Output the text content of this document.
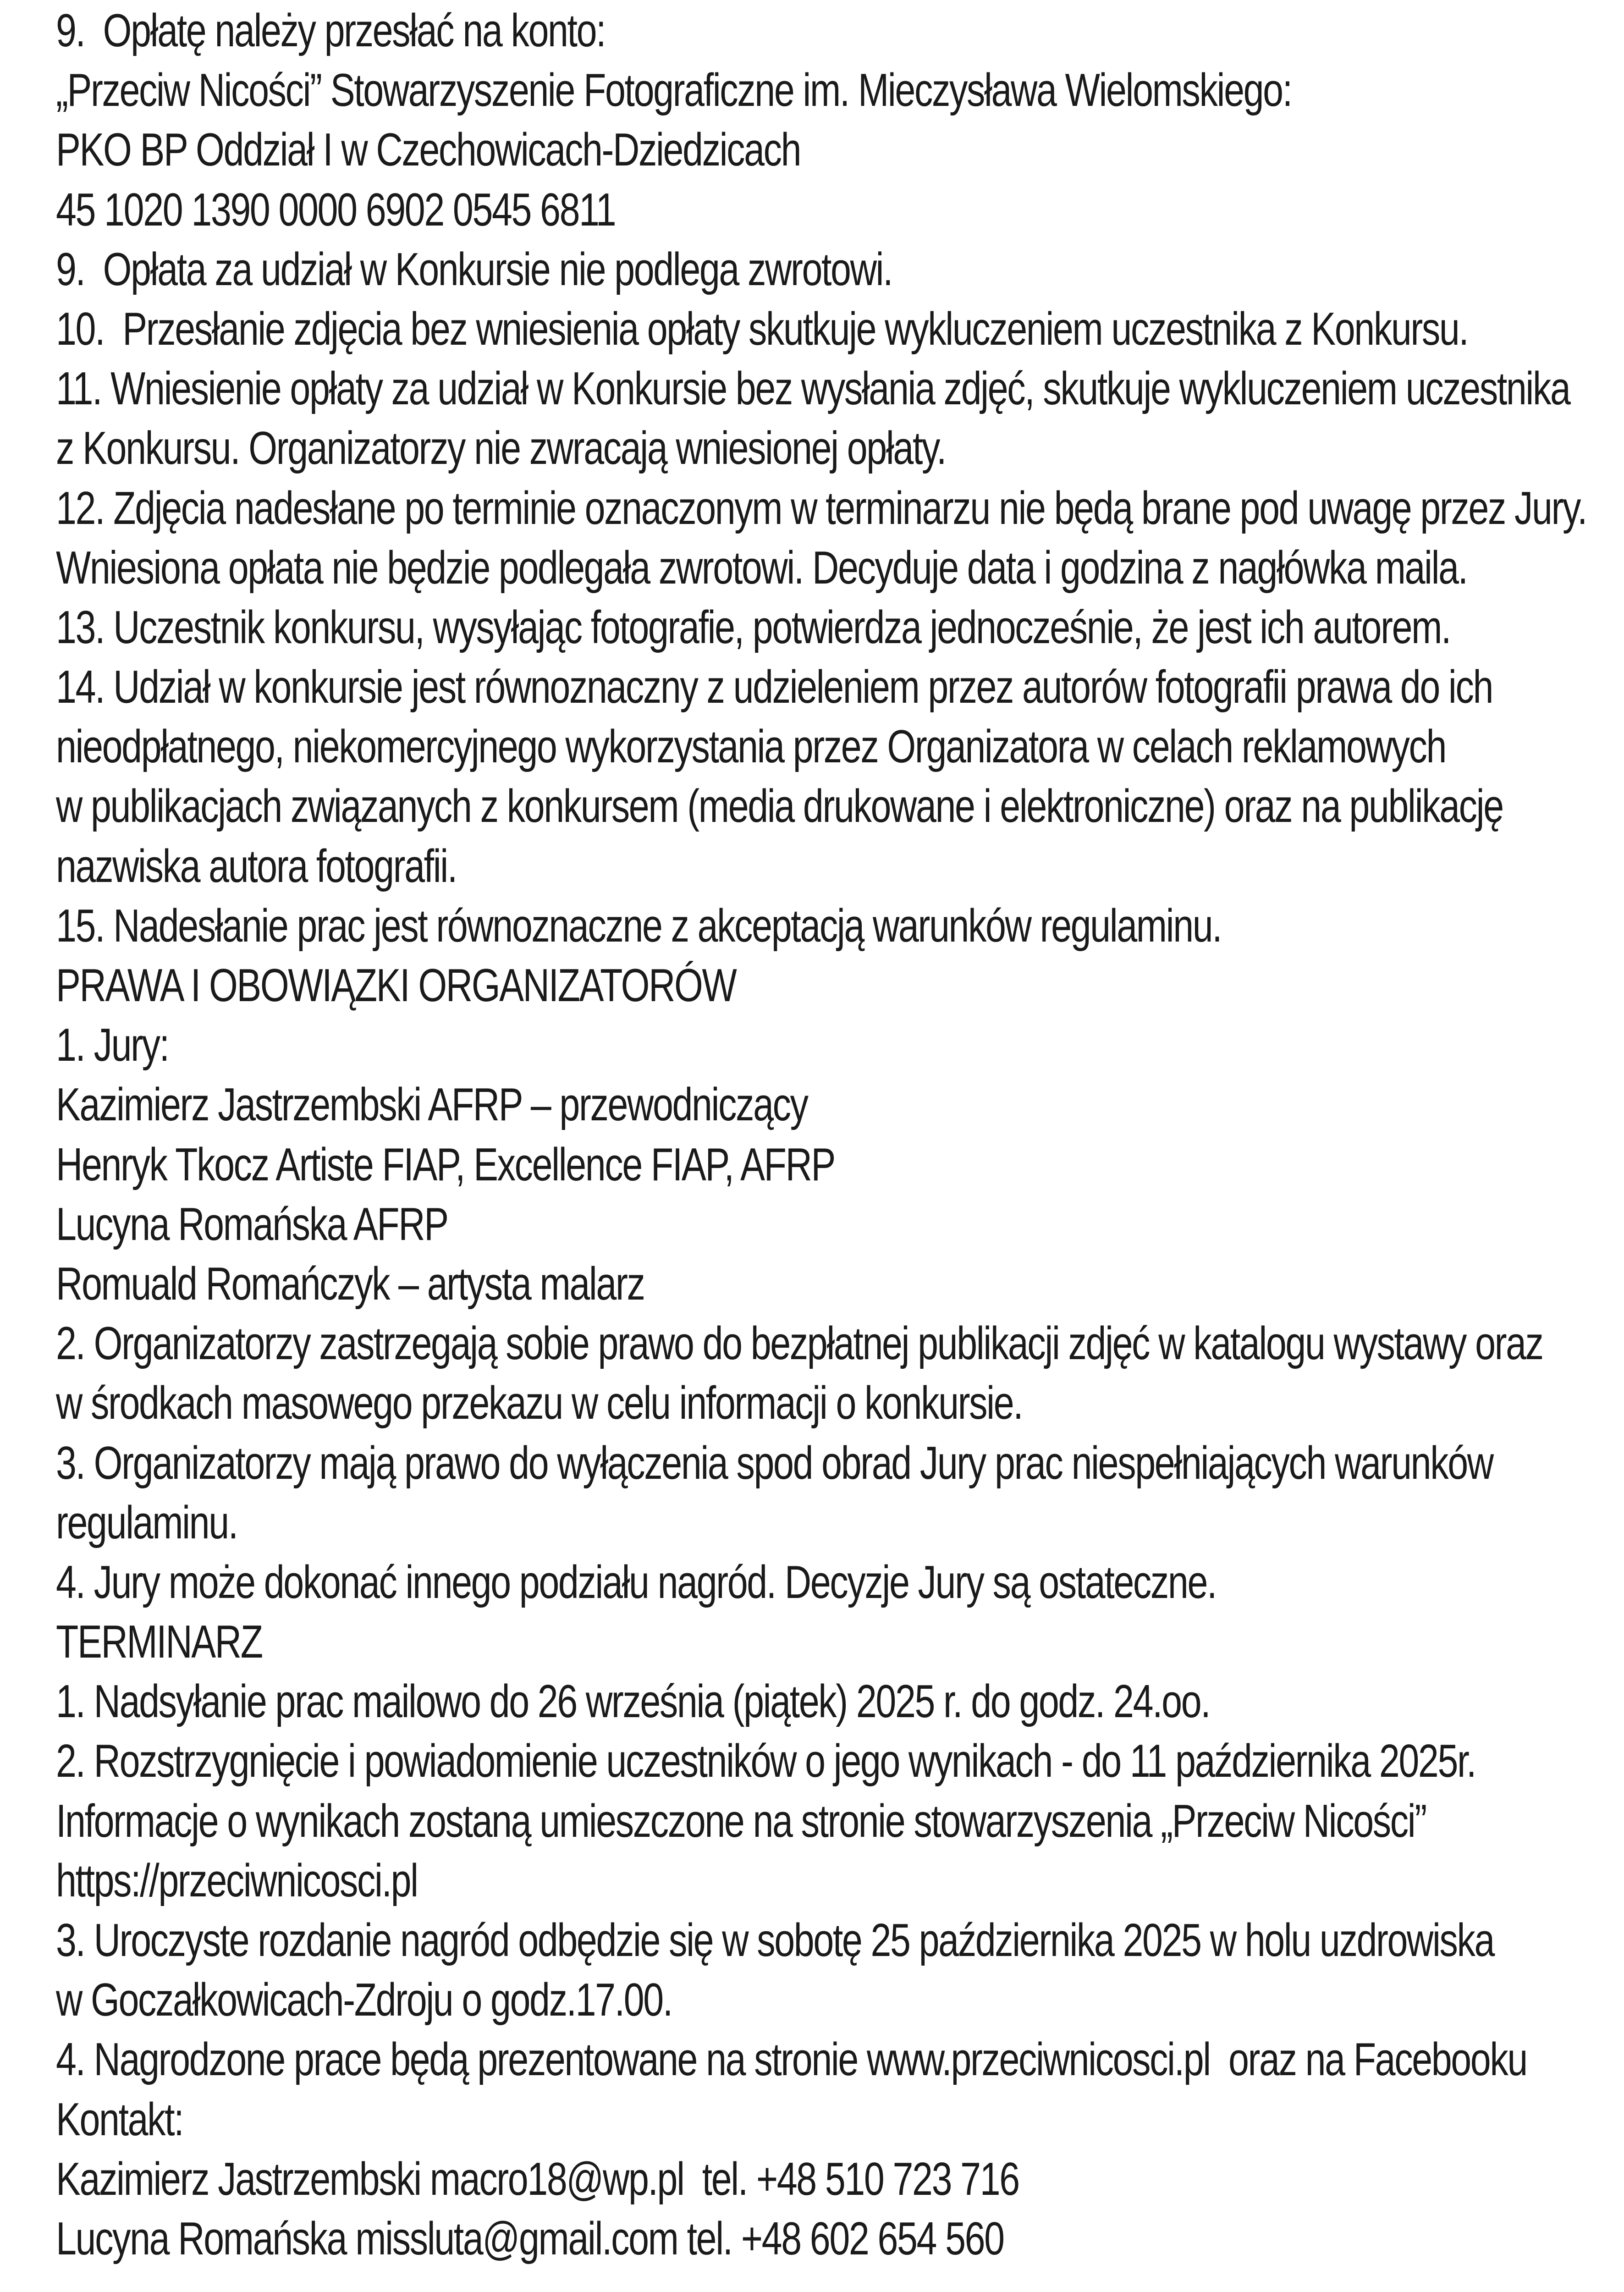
9.  Opłatę należy przesłać na konto:
„Przeciw Nicości” Stowarzyszenie Fotograficzne im. Mieczysława Wielomskiego:
PKO BP Oddział I w Czechowicach-Dziedzicach
45 1020 1390 0000 6902 0545 6811
9.  Opłata za udział w Konkursie nie podlega zwrotowi.
10.  Przesłanie zdjęcia bez wniesienia opłaty skutkuje wykluczeniem uczestnika z Konkursu.
11. Wniesienie opłaty za udział w Konkursie bez wysłania zdjęć, skutkuje wykluczeniem uczestnika
z Konkursu. Organizatorzy nie zwracają wniesionej opłaty.
12. Zdjęcia nadesłane po terminie oznaczonym w terminarzu nie będą brane pod uwagę przez Jury.
Wniesiona opłata nie będzie podlegała zwrotowi. Decyduje data i godzina z nagłówka maila.
13. Uczestnik konkursu, wysyłając fotografie, potwierdza jednocześnie, że jest ich autorem.
14. Udział w konkursie jest równoznaczny z udzieleniem przez autorów fotografii prawa do ich
nieodpłatnego, niekomercyjnego wykorzystania przez Organizatora w celach reklamowych
w publikacjach związanych z konkursem (media drukowane i elektroniczne) oraz na publikację
nazwiska autora fotografii.
15. Nadesłanie prac jest równoznaczne z akceptacją warunków regulaminu.
PRAWA I OBOWIĄZKI ORGANIZATORÓW
1. Jury:
Kazimierz Jastrzembski AFRP – przewodniczący
Henryk Tkocz Artiste FIAP, Excellence FIAP, AFRP
Lucyna Romańska AFRP
Romuald Romańczyk – artysta malarz
2. Organizatorzy zastrzegają sobie prawo do bezpłatnej publikacji zdjęć w katalogu wystawy oraz
w środkach masowego przekazu w celu informacji o konkursie.
3. Organizatorzy mają prawo do wyłączenia spod obrad Jury prac niespełniających warunków
regulaminu.
4. Jury może dokonać innego podziału nagród. Decyzje Jury są ostateczne.
TERMINARZ
1. Nadsyłanie prac mailowo do 26 września (piątek) 2025 r. do godz. 24.oo.
2. Rozstrzygnięcie i powiadomienie uczestników o jego wynikach - do 11 października 2025r.
Informacje o wynikach zostaną umieszczone na stronie stowarzyszenia „Przeciw Nicości”
https://przeciwnicosci.pl
3. Uroczyste rozdanie nagród odbędzie się w sobotę 25 października 2025 w holu uzdrowiska
w Goczałkowicach-Zdroju o godz.17.00.
4. Nagrodzone prace będą prezentowane na stronie www.przeciwnicosci.pl  oraz na Facebooku
Kontakt:
Kazimierz Jastrzembski macro18@wp.pl  tel. +48 510 723 716
Lucyna Romańska missluta@gmail.com tel. +48 602 654 560
